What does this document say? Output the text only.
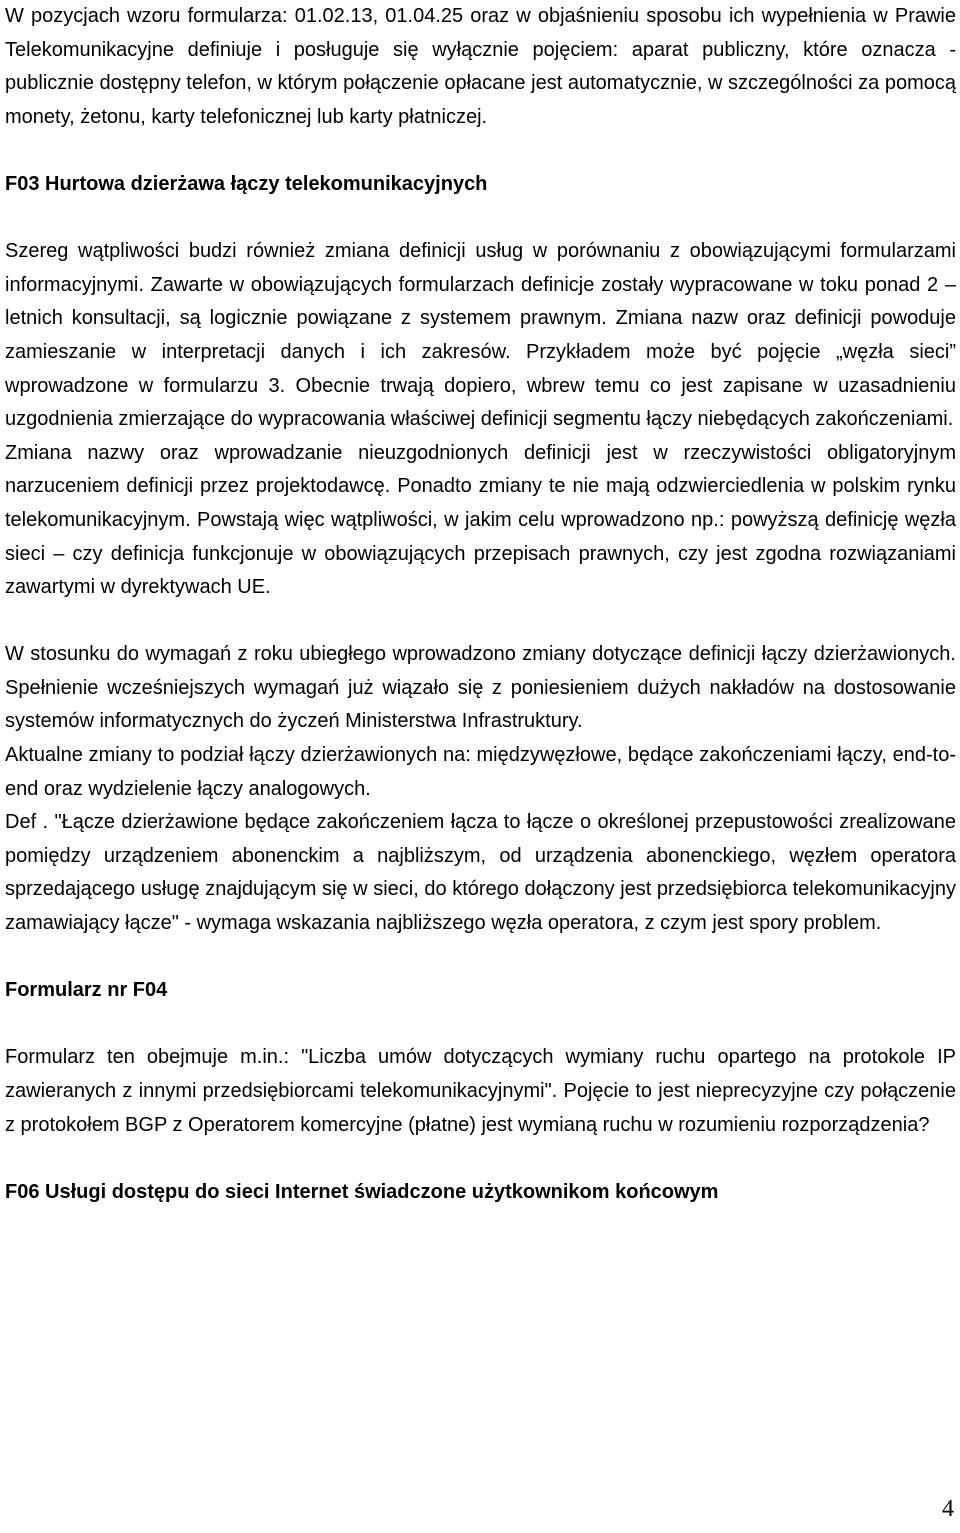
W pozycjach wzoru formularza: 01.02.13, 01.04.25 oraz w objaśnieniu sposobu ich wypełnienia w Prawie Telekomunikacyjne definiuje i posługuje się wyłącznie pojęciem: aparat publiczny, które oznacza - publicznie dostępny telefon, w którym połączenie opłacane jest automatycznie, w szczególności za pomocą monety, żetonu, karty telefonicznej lub karty płatniczej.

F03 Hurtowa dzierżawa łączy telekomunikacyjnych

Szereg wątpliwości budzi również zmiana definicji usług w porównaniu z obowiązującymi formularzami informacyjnymi. Zawarte w obowiązujących formularzach definicje zostały wypracowane w toku ponad 2 – letnich konsultacji, są logicznie powiązane z systemem prawnym. Zmiana nazw oraz definicji powoduje zamieszanie w interpretacji danych i ich zakresów. Przykładem może być pojęcie „węzła sieci” wprowadzone w formularzu 3. Obecnie trwają dopiero, wbrew temu co jest zapisane w uzasadnieniu uzgodnienia zmierzające do wypracowania właściwej definicji segmentu łączy niebędących zakończeniami.

Zmiana nazwy oraz wprowadzanie nieuzgodnionych definicji jest w rzeczywistości obligatoryjnym narzuceniem definicji przez projektodawcę. Ponadto zmiany te nie mają odzwierciedlenia w polskim rynku telekomunikacyjnym. Powstają więc wątpliwości, w jakim celu wprowadzono np.: powyższą definicję węzła sieci – czy definicja funkcjonuje w obowiązujących przepisach prawnych, czy jest zgodna rozwiązaniami zawartymi w dyrektywach UE.

W stosunku do wymagań z roku ubiegłego wprowadzono zmiany dotyczące definicji łączy dzierżawionych. Spełnienie wcześniejszych wymagań już wiązało się z poniesieniem dużych nakładów na dostosowanie systemów informatycznych do życzeń Ministerstwa Infrastruktury.

Aktualne zmiany to podział łączy dzierżawionych na: międzywęzłowe, będące zakończeniami łączy, end-to-end oraz wydzielenie łączy analogowych.

Def . "Łącze dzierżawione będące zakończeniem łącza to łącze o określonej przepustowości zrealizowane pomiędzy urządzeniem abonenckim a najbliższym, od urządzenia abonenckiego, węzłem operatora sprzedającego usługę znajdującym się w sieci, do którego dołączony jest przedsiębiorca telekomunikacyjny zamawiający łącze" - wymaga wskazania najbliższego węzła operatora, z czym jest spory problem.

Formularz nr F04

Formularz ten obejmuje m.in.: "Liczba umów dotyczących wymiany ruchu opartego na protokole IP zawieranych z innymi przedsiębiorcami telekomunikacyjnymi". Pojęcie to jest nieprecyzyjne czy połączenie z protokołem BGP z Operatorem komercyjne (płatne) jest wymianą ruchu w rozumieniu rozporządzenia?

F06 Usługi dostępu do sieci Internet świadczone użytkownikom końcowym
4
